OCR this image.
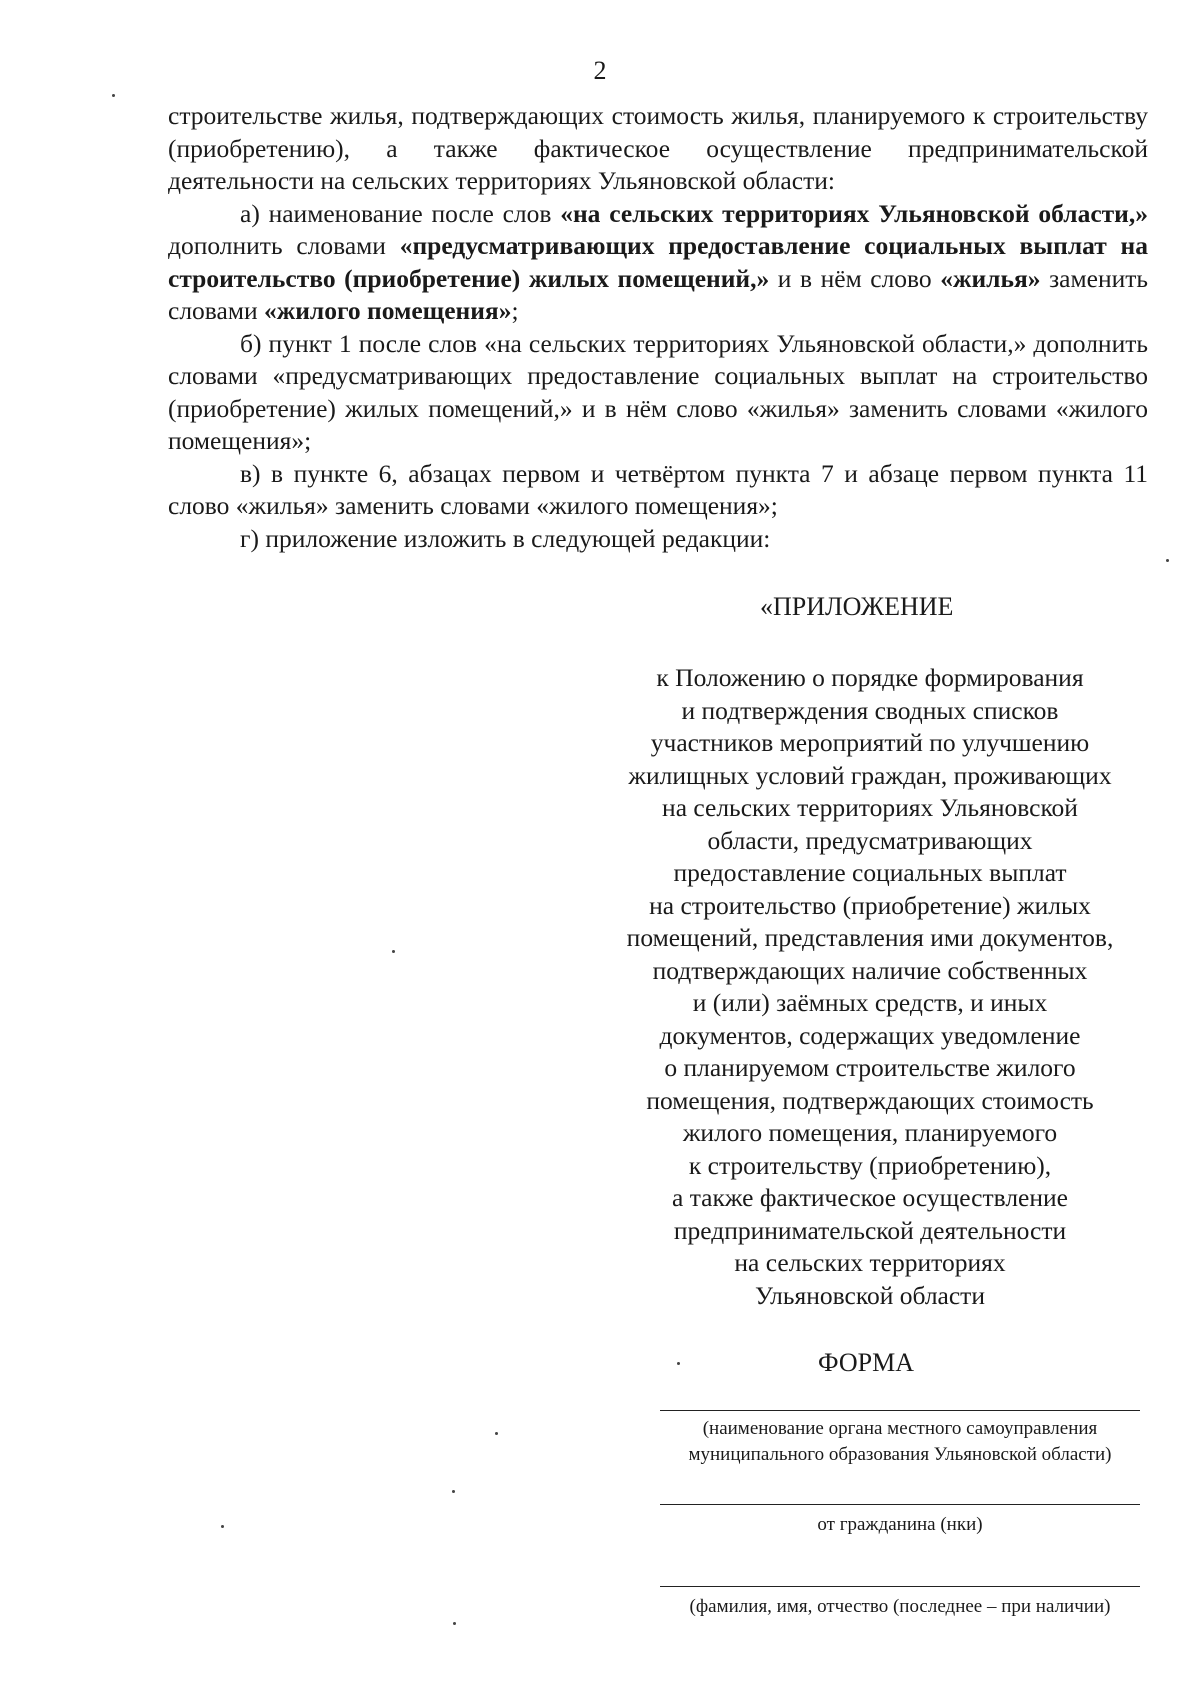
2

строительстве жилья, подтверждающих стоимость жилья, планируемого к строительству (приобретению), а также фактическое осуществление предпринимательской деятельности на сельских территориях Ульяновской области:

а) наименование после слов «на сельских территориях Ульяновской области,» дополнить словами «предусматривающих предоставление социальных выплат на строительство (приобретение) жилых помещений,» и в нём слово «жилья» заменить словами «жилого помещения»;

б) пункт 1 после слов «на сельских территориях Ульяновской области,» дополнить словами «предусматривающих предоставление социальных выплат на строительство (приобретение) жилых помещений,» и в нём слово «жилья» заменить словами «жилого помещения»;

в) в пункте 6, абзацах первом и четвёртом пункта 7 и абзаце первом пункта 11 слово «жилья» заменить словами «жилого помещения»;

г) приложение изложить в следующей редакции:

«ПРИЛОЖЕНИЕ
к Положению о порядке формирования
и подтверждения сводных списков
участников мероприятий по улучшению
жилищных условий граждан, проживающих
на сельских территориях Ульяновской
области, предусматривающих
предоставление социальных выплат
на строительство (приобретение) жилых
помещений, представления ими документов,
подтверждающих наличие собственных
и (или) заёмных средств, и иных
документов, содержащих уведомление
о планируемом строительстве жилого
помещения, подтверждающих стоимость
жилого помещения, планируемого
к строительству (приобретению),
а также фактическое осуществление
предпринимательской деятельности
на сельских территориях
Ульяновской области
ФОРМА
(наименование органа местного самоуправления
муниципального образования Ульяновской области)
от гражданина (нки)
(фамилия, имя, отчество (последнее – при наличии)
